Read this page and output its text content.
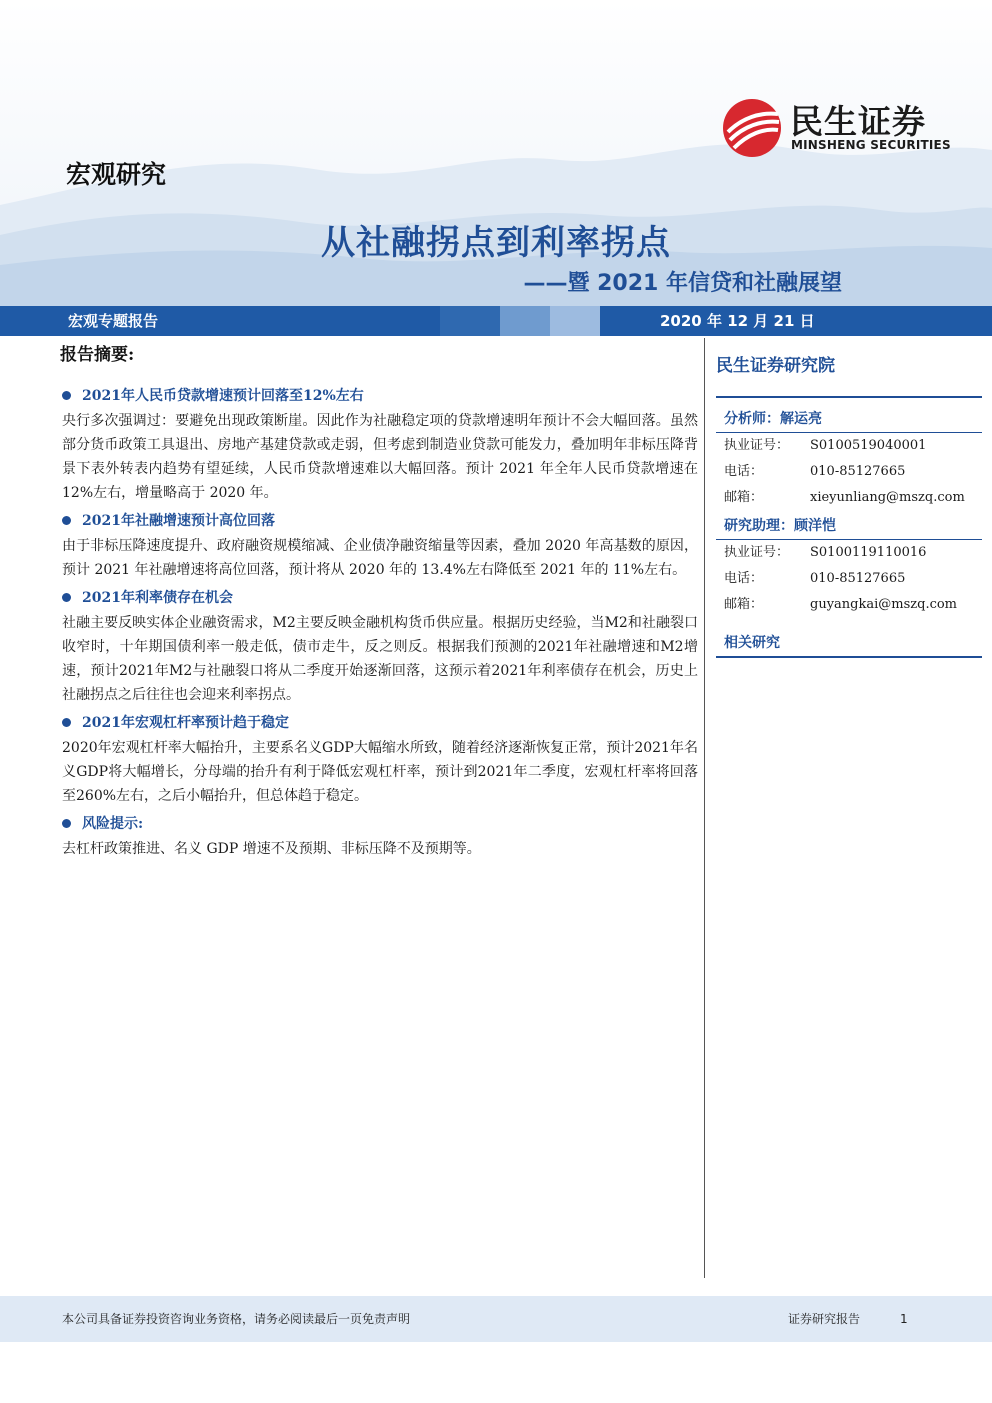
民生证券
MINSHENG SECURITIES
宏观研究
从社融拐点到利率拐点
——暨 2021 年信贷和社融展望
宏观专题报告	2020 年 12 月 21 日
报告摘要:
2021年人民币贷款增速预计回落至12%左右

央行多次强调过：要避免出现政策断崖。因此作为社融稳定项的贷款增速明年预计不会大幅回落。虽然部分货币政策工具退出、房地产基建贷款或走弱，但考虑到制造业贷款可能发力，叠加明年非标压降背景下表外转表内趋势有望延续，人民币贷款增速难以大幅回落。预计 2021 年全年人民币贷款增速在 12%左右，增量略高于 2020 年。

2021年社融增速预计高位回落

由于非标压降速度提升、政府融资规模缩减、企业债净融资缩量等因素，叠加 2020 年高基数的原因，预计 2021 年社融增速将高位回落，预计将从 2020 年的 13.4%左右降低至 2021 年的 11%左右。

2021年利率债存在机会

社融主要反映实体企业融资需求，M2主要反映金融机构货币供应量。根据历史经验，当M2和社融裂口收窄时，十年期国债利率一般走低，债市走牛，反之则反。根据我们预测的2021年社融增速和M2增速，预计2021年M2与社融裂口将从二季度开始逐渐回落，这预示着2021年利率债存在机会，历史上社融拐点之后往往也会迎来利率拐点。

2021年宏观杠杆率预计趋于稳定

2020年宏观杠杆率大幅抬升，主要系名义GDP大幅缩水所致，随着经济逐渐恢复正常，预计2021年名义GDP将大幅增长，分母端的抬升有利于降低宏观杠杆率，预计到2021年二季度，宏观杠杆率将回落至260%左右，之后小幅抬升，但总体趋于稳定。

风险提示:

去杠杆政策推进、名义 GDP 增速不及预期、非标压降不及预期等。

民生证券研究院
分析师：解运亮
执业证号： S0100519040001
电话：	010-85127665
邮箱：	xieyunliang@mszq.com
研究助理：顾洋恺
执业证号： S0100119110016
电话：	010-85127665
邮箱：	guyangkai@mszq.com
相关研究
本公司具备证券投资咨询业务资格，请务必阅读最后一页免责声明	证券研究报告	1
